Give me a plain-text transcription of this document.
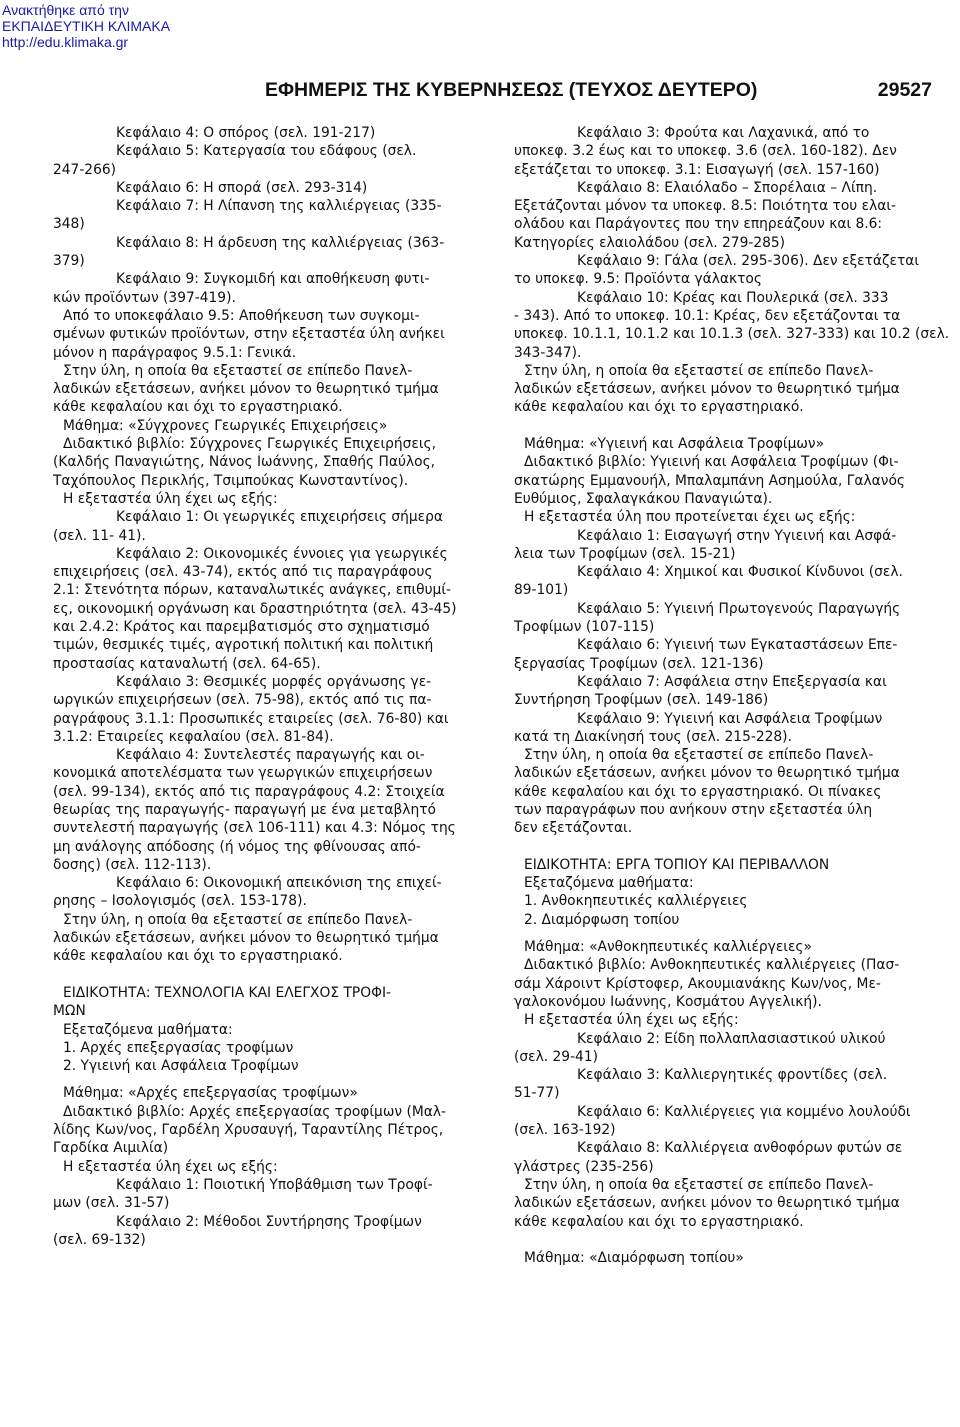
Ανακτήθηκε από την
ΕΚΠΑΙΔΕΥΤΙΚΗ ΚΛΙΜΑΚΑ
http://edu.klimaka.gr
ΕΦΗΜΕΡΙΣ ΤΗΣ ΚΥΒΕΡΝΗΣΕΩΣ (ΤΕΥΧΟΣ ΔΕΥΤΕΡΟ)	29527

Κεφάλαιο 4: Ο σπόρος (σελ. 191-217)

Κεφάλαιο 5: Κατεργασία του εδάφους (σελ.

247-266)

Κεφάλαιο 6: Η σπορά (σελ. 293-314)

Κεφάλαιο 7: Η Λίπανση της καλλιέργειας (335-

348)

Κεφάλαιο 8: Η άρδευση της καλλιέργειας (363-

379)

Κεφάλαιο 9: Συγκομιδή και αποθήκευση φυτι-

κών προϊόντων (397-419).

Από το υποκεφάλαιο 9.5: Αποθήκευση των συγκομι-

σμένων φυτικών προϊόντων, στην εξεταστέα ύλη ανήκει

μόνον η παράγραφος 9.5.1: Γενικά.

Στην ύλη, η οποία θα εξεταστεί σε επίπεδο Πανελ-

λαδικών εξετάσεων, ανήκει μόνον το θεωρητικό τμήμα

κάθε κεφαλαίου και όχι το εργαστηριακό.

Μάθημα: «Σύγχρονες Γεωργικές Επιχειρήσεις»

Διδακτικό βιβλίο: Σύγχρονες Γεωργικές Επιχειρήσεις,

(Καλδής Παναγιώτης, Νάνος Ιωάννης, Σπαθής Παύλος,

Ταχόπουλος Περικλής, Τσιμπούκας Κωνσταντίνος).

Η εξεταστέα ύλη έχει ως εξής:

Κεφάλαιο 1: Οι γεωργικές επιχειρήσεις σήμερα

(σελ. 11- 41).

Κεφάλαιο 2: Οικονομικές έννοιες για γεωργικές

επιχειρήσεις (σελ. 43-74), εκτός από τις παραγράφους

2.1: Στενότητα πόρων, καταναλωτικές ανάγκες, επιθυμί-

ες, οικονομική οργάνωση και δραστηριότητα (σελ. 43-45)

και 2.4.2: Κράτος και παρεμβατισμός στο σχηματισμό

τιμών, θεσμικές τιμές, αγροτική πολιτική και πολιτική

προστασίας καταναλωτή (σελ. 64-65).

Κεφάλαιο 3: Θεσμικές μορφές οργάνωσης γε-

ωργικών επιχειρήσεων (σελ. 75-98), εκτός από τις πα-

ραγράφους 3.1.1: Προσωπικές εταιρείες (σελ. 76-80) και

3.1.2: Εταιρείες κεφαλαίου (σελ. 81-84).

Κεφάλαιο 4: Συντελεστές παραγωγής και οι-

κονομικά αποτελέσματα των γεωργικών επιχειρήσεων

(σελ. 99-134), εκτός από τις παραγράφους 4.2: Στοιχεία

θεωρίας της παραγωγής- παραγωγή με ένα μεταβλητό

συντελεστή παραγωγής (σελ 106-111) και 4.3: Νόμος της

μη ανάλογης απόδοσης (ή νόμος της φθίνουσας από-

δοσης) (σελ. 112-113).

Κεφάλαιο 6: Οικονομική απεικόνιση της επιχεί-

ρησης – Ισολογισμός (σελ. 153-178).

Στην ύλη, η οποία θα εξεταστεί σε επίπεδο Πανελ-

λαδικών εξετάσεων, ανήκει μόνον το θεωρητικό τμήμα

κάθε κεφαλαίου και όχι το εργαστηριακό.

ΕΙΔΙΚΟΤΗΤΑ: ΤΕΧΝΟΛΟΓΙΑ ΚΑΙ ΕΛΕΓΧΟΣ ΤΡΟΦΙ-

ΜΩΝ

Εξεταζόμενα μαθήματα:

1. Αρχές επεξεργασίας τροφίμων

2. Υγιεινή και Ασφάλεια Τροφίμων

Μάθημα: «Αρχές επεξεργασίας τροφίμων»

Διδακτικό βιβλίο: Αρχές επεξεργασίας τροφίμων (Μαλ-

λίδης Κων/νος, Γαρδέλη Χρυσαυγή, Ταραντίλης Πέτρος,

Γαρδίκα Αιμιλία)

Η εξεταστέα ύλη έχει ως εξής:

Κεφάλαιο 1: Ποιοτική Υποβάθμιση των Τροφί-

μων (σελ. 31-57)

Κεφάλαιο 2: Μέθοδοι Συντήρησης Τροφίμων

(σελ. 69-132)

Κεφάλαιο 3: Φρούτα και Λαχανικά, από το

υποκεφ. 3.2 έως και το υποκεφ. 3.6 (σελ. 160-182). Δεν

εξετάζεται το υποκεφ. 3.1: Εισαγωγή (σελ. 157-160)

Κεφάλαιο 8: Ελαιόλαδο – Σπορέλαια – Λίπη.

Εξετάζονται μόνον τα υποκεφ. 8.5: Ποιότητα του ελαι-

ολάδου και Παράγοντες που την επηρεάζουν και 8.6:

Κατηγορίες ελαιολάδου (σελ. 279-285)

Κεφάλαιο 9: Γάλα (σελ. 295-306). Δεν εξετάζεται

το υποκεφ. 9.5: Προϊόντα γάλακτος

Κεφάλαιο 10: Κρέας και Πουλερικά (σελ. 333

- 343). Από το υποκεφ. 10.1: Κρέας, δεν εξετάζονται τα

υποκεφ. 10.1.1, 10.1.2 και 10.1.3 (σελ. 327-333) και 10.2 (σελ.

343-347).

Στην ύλη, η οποία θα εξεταστεί σε επίπεδο Πανελ-

λαδικών εξετάσεων, ανήκει μόνον το θεωρητικό τμήμα

κάθε κεφαλαίου και όχι το εργαστηριακό.

Μάθημα: «Υγιεινή και Ασφάλεια Τροφίμων»

Διδακτικό βιβλίο: Υγιεινή και Ασφάλεια Τροφίμων (Φι-

σκατώρης Εμμανουήλ, Μπαλαμπάνη Ασημούλα, Γαλανός

Ευθύμιος, Σφαλαγκάκου Παναγιώτα).

Η εξεταστέα ύλη που προτείνεται έχει ως εξής:

Κεφάλαιο 1: Εισαγωγή στην Υγιεινή και Ασφά-

λεια των Τροφίμων (σελ. 15-21)

Κεφάλαιο 4: Χημικοί και Φυσικοί Κίνδυνοι (σελ.

89-101)

Κεφάλαιο 5: Υγιεινή Πρωτογενούς Παραγωγής

Τροφίμων (107-115)

Κεφάλαιο 6: Υγιεινή των Εγκαταστάσεων Επε-

ξεργασίας Τροφίμων (σελ. 121-136)

Κεφάλαιο 7: Ασφάλεια στην Επεξεργασία και

Συντήρηση Τροφίμων (σελ. 149-186)

Κεφάλαιο 9: Υγιεινή και Ασφάλεια Τροφίμων

κατά τη Διακίνησή τους (σελ. 215-228).

Στην ύλη, η οποία θα εξεταστεί σε επίπεδο Πανελ-

λαδικών εξετάσεων, ανήκει μόνον το θεωρητικό τμήμα

κάθε κεφαλαίου και όχι το εργαστηριακό. Οι πίνακες

των παραγράφων που ανήκουν στην εξεταστέα ύλη

δεν εξετάζονται.

ΕΙΔΙΚΟΤΗΤΑ: ΕΡΓΑ ΤΟΠΙΟΥ ΚΑΙ ΠΕΡΙΒΑΛΛΟΝ

Εξεταζόμενα μαθήματα:

1. Ανθοκηπευτικές καλλιέργειες

2. Διαμόρφωση τοπίου

Μάθημα: «Ανθοκηπευτικές καλλιέργειες»

Διδακτικό βιβλίο: Ανθοκηπευτικές καλλιέργειες (Πασ-

σάμ Χάροιντ Κρίστοφερ, Ακουμιανάκης Κων/νος, Με-

γαλοκονόμου Ιωάννης, Κοσμάτου Αγγελική).

Η εξεταστέα ύλη έχει ως εξής:

Κεφάλαιο 2: Είδη πολλαπλασιαστικού υλικού

(σελ. 29-41)

Κεφάλαιο 3: Καλλιεργητικές φροντίδες (σελ.

51-77)

Κεφάλαιο 6: Καλλιέργειες για κομμένο λουλούδι

(σελ. 163-192)

Κεφάλαιο 8: Καλλιέργεια ανθοφόρων φυτών σε

γλάστρες (235-256)

Στην ύλη, η οποία θα εξεταστεί σε επίπεδο Πανελ-

λαδικών εξετάσεων, ανήκει μόνον το θεωρητικό τμήμα

κάθε κεφαλαίου και όχι το εργαστηριακό.

Μάθημα: «Διαμόρφωση τοπίου»
